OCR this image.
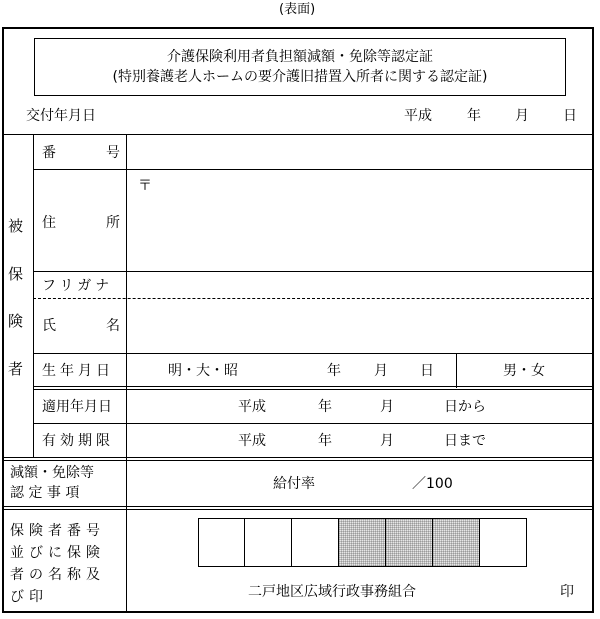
(表面)
介護保険利用者負担額減額・免除等認定証
(特別養護老人ホームの要介護旧措置入所者に関する認定証)
交付年月日	平成	年 月 日
被
保
険
者
番	号
住	所
〒
フリガナ
氏	名
生年月日	明・大・昭	年 月 日	男・女
適用年月日	平成	年	月	日から
有効期限	平成	年	月	日まで
減額・免除等
認 定 事 項
給付率	／100
保険者番号
並びに保険
者の名称及
び印	二戸地区広域行政事務組合	印
